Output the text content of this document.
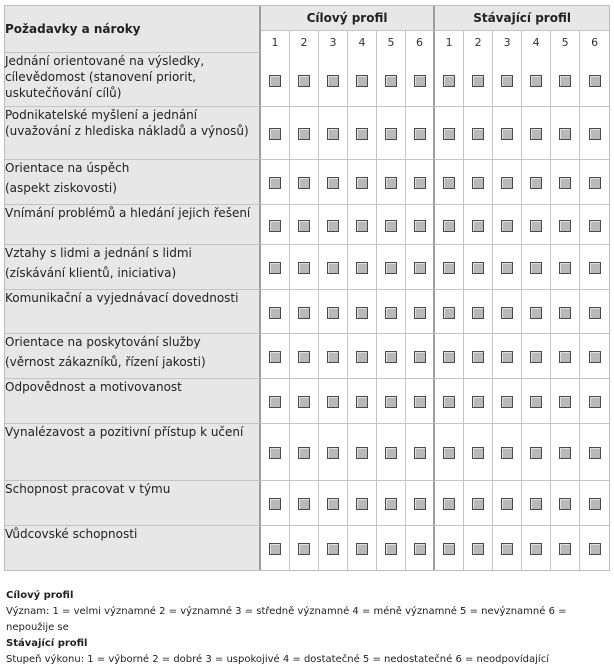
Požadavky a nároky	Cílový profil						Stávající profil					
	1	2	3	4	5	6	1	2	3	4	5	6

Jednání orientované na výsledky, cílevědomost (stanovení priorit, uskutečňování cílů)												

Podnikatelské myšlení a jednání (uvažování z hlediska nákladů a výnosů)												

Orientace na úspěch
(aspekt ziskovosti)												

Vnímání problémů a hledání jejich řešení												

Vztahy s lidmi a jednání s lidmi
(získávání klientů, iniciativa)												

Komunikační a vyjednávací dovednosti												

Orientace na poskytování služby
(věrnost zákazníků, řízení jakosti)												

Odpovědnost a motivovanost												

Vynalézavost a pozitivní přístup k učení												

Schopnost pracovat v týmu												

Vůdcovské schopnosti												

Cílový profil
Význam: 1 = velmi významné 2 = významné 3 = středně významné 4 = méně významné 5 = nevýznamné 6 = nepoužije se
Stávající profil
Stupeň výkonu: 1 = výborné 2 = dobré 3 = uspokojivé 4 = dostatečné 5 = nedostatečné 6 = neodpovídající
